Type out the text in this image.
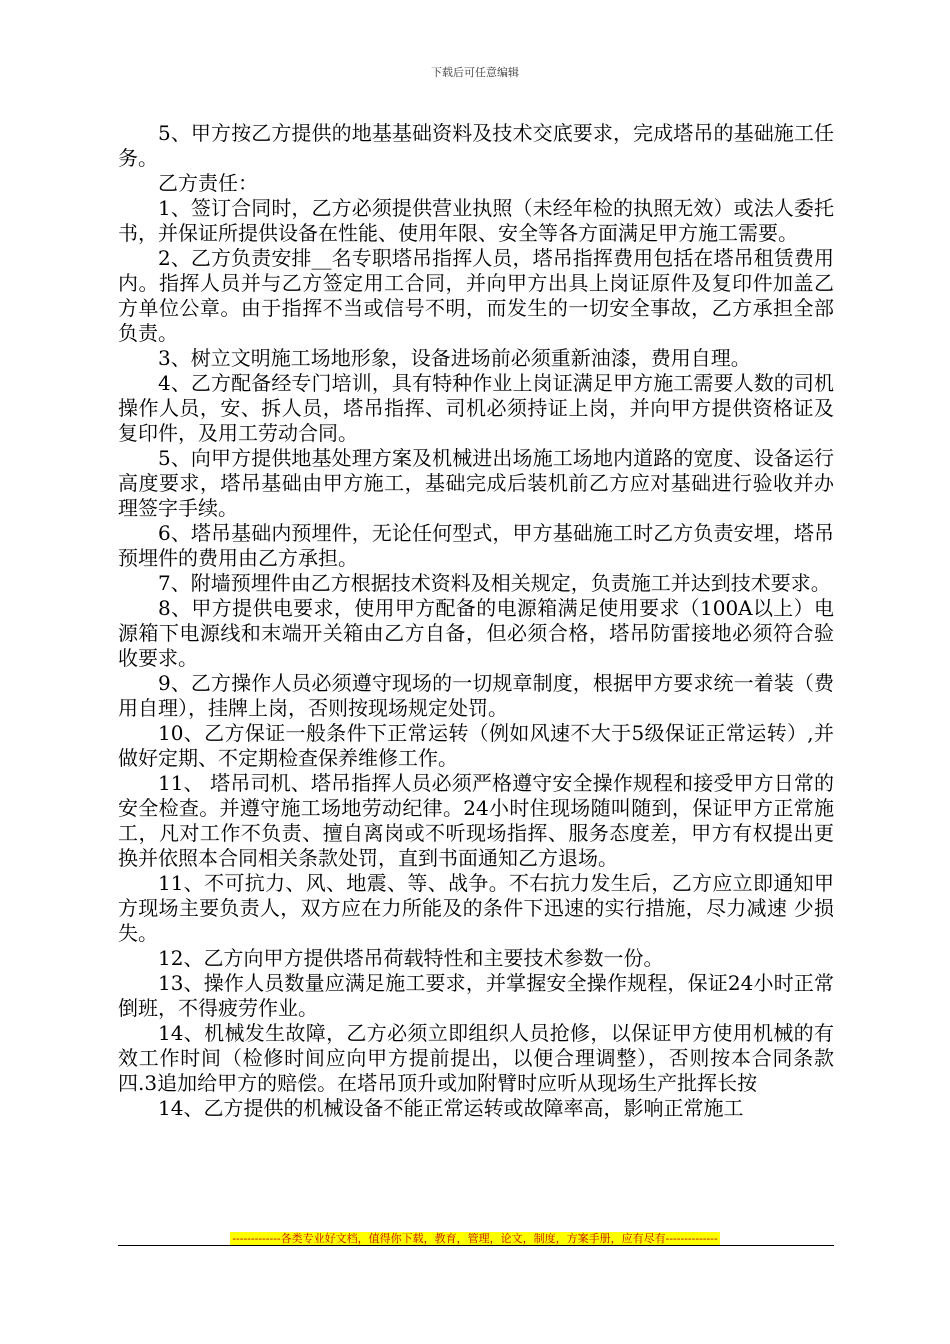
下载后可任意编辑

5、甲方按乙方提供的地基基础资料及技术交底要求，完成塔吊的基础施工任务。

乙方责任：

1、签订合同时，乙方必须提供营业执照（未经年检的执照无效）或法人委托书，并保证所提供设备在性能、使用年限、安全等各方面满足甲方施工需要。

2、乙方负责安排__名专职塔吊指挥人员，塔吊指挥费用包括在塔吊租赁费用内。指挥人员并与乙方签定用工合同，并向甲方出具上岗证原件及复印件加盖乙方单位公章。由于指挥不当或信号不明，而发生的一切安全事故，乙方承担全部负责。

3、树立文明施工场地形象，设备进场前必须重新油漆，费用自理。

4、乙方配备经专门培训，具有特种作业上岗证满足甲方施工需要人数的司机操作人员，安、拆人员，塔吊指挥、司机必须持证上岗，并向甲方提供资格证及复印件，及用工劳动合同。

5、向甲方提供地基处理方案及机械进出场施工场地内道路的宽度、设备运行高度要求，塔吊基础由甲方施工，基础完成后装机前乙方应对基础进行验收并办理签字手续。

6、塔吊基础内预埋件，无论任何型式，甲方基础施工时乙方负责安埋，塔吊预埋件的费用由乙方承担。

7、附墙预埋件由乙方根据技术资料及相关规定，负责施工并达到技术要求。

8、甲方提供电要求，使用甲方配备的电源箱满足使用要求（100A以上）电源箱下电源线和末端开关箱由乙方自备，但必须合格，塔吊防雷接地必须符合验收要求。

9、乙方操作人员必须遵守现场的一切规章制度，根据甲方要求统一着装（费用自理），挂牌上岗，否则按现场规定处罚。

10、乙方保证一般条件下正常运转（例如风速不大于5级保证正常运转）,并做好定期、不定期检查保养维修工作。

11、 塔吊司机、塔吊指挥人员必须严格遵守安全操作规程和接受甲方日常的安全检查。并遵守施工场地劳动纪律。24小时住现场随叫随到，保证甲方正常施工，凡对工作不负责、擅自离岗或不听现场指挥、服务态度差，甲方有权提出更换并依照本合同相关条款处罚，直到书面通知乙方退场。

11、不可抗力、风、地震、等、战争。不右抗力发生后，乙方应立即通知甲方现场主要负责人，双方应在力所能及的条件下迅速的实行措施，尽力减速 少损失。

12、乙方向甲方提供塔吊荷载特性和主要技术参数一份。

13、操作人员数量应满足施工要求，并掌握安全操作规程，保证24小时正常倒班，不得疲劳作业。

14、机械发生故障，乙方必须立即组织人员抢修，以保证甲方使用机械的有效工作时间（检修时间应向甲方提前提出，以便合理调整），否则按本合同条款四.3追加给甲方的赔偿。在塔吊顶升或加附臂时应听从现场生产批挥长按

14、乙方提供的机械设备不能正常运转或故障率高，影响正常施工

-------------各类专业好文档，值得你下载，教育，管理，论文，制度，方案手册，应有尽有--------------
